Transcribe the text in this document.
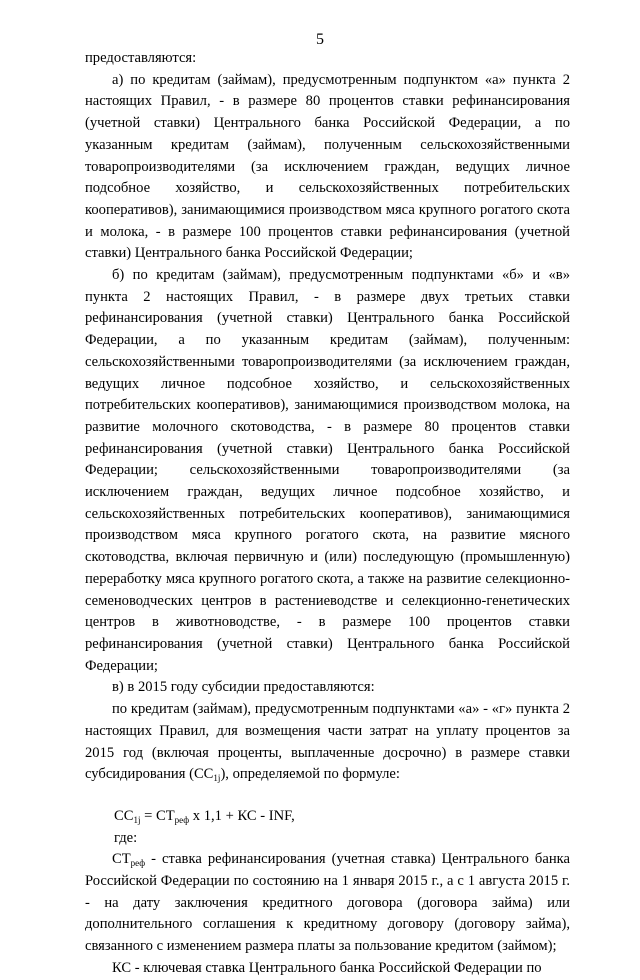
5

предоставляются:

а) по кредитам (займам), предусмотренным подпунктом «а» пункта 2 настоящих Правил, - в размере 80 процентов ставки рефинансирования (учетной ставки) Центрального банка Российской Федерации, а по указанным кредитам (займам), полученным сельскохозяйственными товаропроизводителями (за исключением граждан, ведущих личное подсобное хозяйство, и сельскохозяйственных потребительских кооперативов), занимающимися производством мяса крупного рогатого скота и молока, - в размере 100 процентов ставки рефинансирования (учетной ставки) Центрального банка Российской Федерации;

б) по кредитам (займам), предусмотренным подпунктами «б» и «в» пункта 2 настоящих Правил, - в размере двух третьих ставки рефинансирования (учетной ставки) Центрального банка Российской Федерации, а по указанным кредитам (займам), полученным: сельскохозяйственными товаропроизводителями (за исключением граждан, ведущих личное подсобное хозяйство, и сельскохозяйственных потребительских кооперативов), занимающимися производством молока, на развитие молочного скотоводства, - в размере 80 процентов ставки рефинансирования (учетной ставки) Центрального банка Российской Федерации; сельскохозяйственными товаропроизводителями (за исключением граждан, ведущих личное подсобное хозяйство, и сельскохозяйственных потребительских кооперативов), занимающимися производством мяса крупного рогатого скота, на развитие мясного скотоводства, включая первичную и (или) последующую (промышленную) переработку мяса крупного рогатого скота, а также на развитие селекционно-семеноводческих центров в растениеводстве и селекционно-генетических центров в животноводстве, - в размере 100 процентов ставки рефинансирования (учетной ставки) Центрального банка Российской Федерации;

в) в 2015 году субсидии предоставляются:

по кредитам (займам), предусмотренным подпунктами «а» - «г» пункта 2 настоящих Правил, для возмещения части затрат на уплату процентов за 2015 год (включая проценты, выплаченные досрочно) в размере ставки субсидирования $(СС_{1j})$, определяемой по формуле:

$СС_{1j} = СТ_{реф}$ х 1,1 + КС - INF,

где:

$СТ_{реф}$ - ставка рефинансирования (учетная ставка) Центрального банка Российской Федерации по состоянию на 1 января 2015 г., а с 1 августа 2015 г. - на дату заключения кредитного договора (договора займа) или дополнительного соглашения к кредитному договору (договору займа), связанного с изменением размера платы за пользование кредитом (займом);

КС - ключевая ставка Центрального банка Российской Федерации по
